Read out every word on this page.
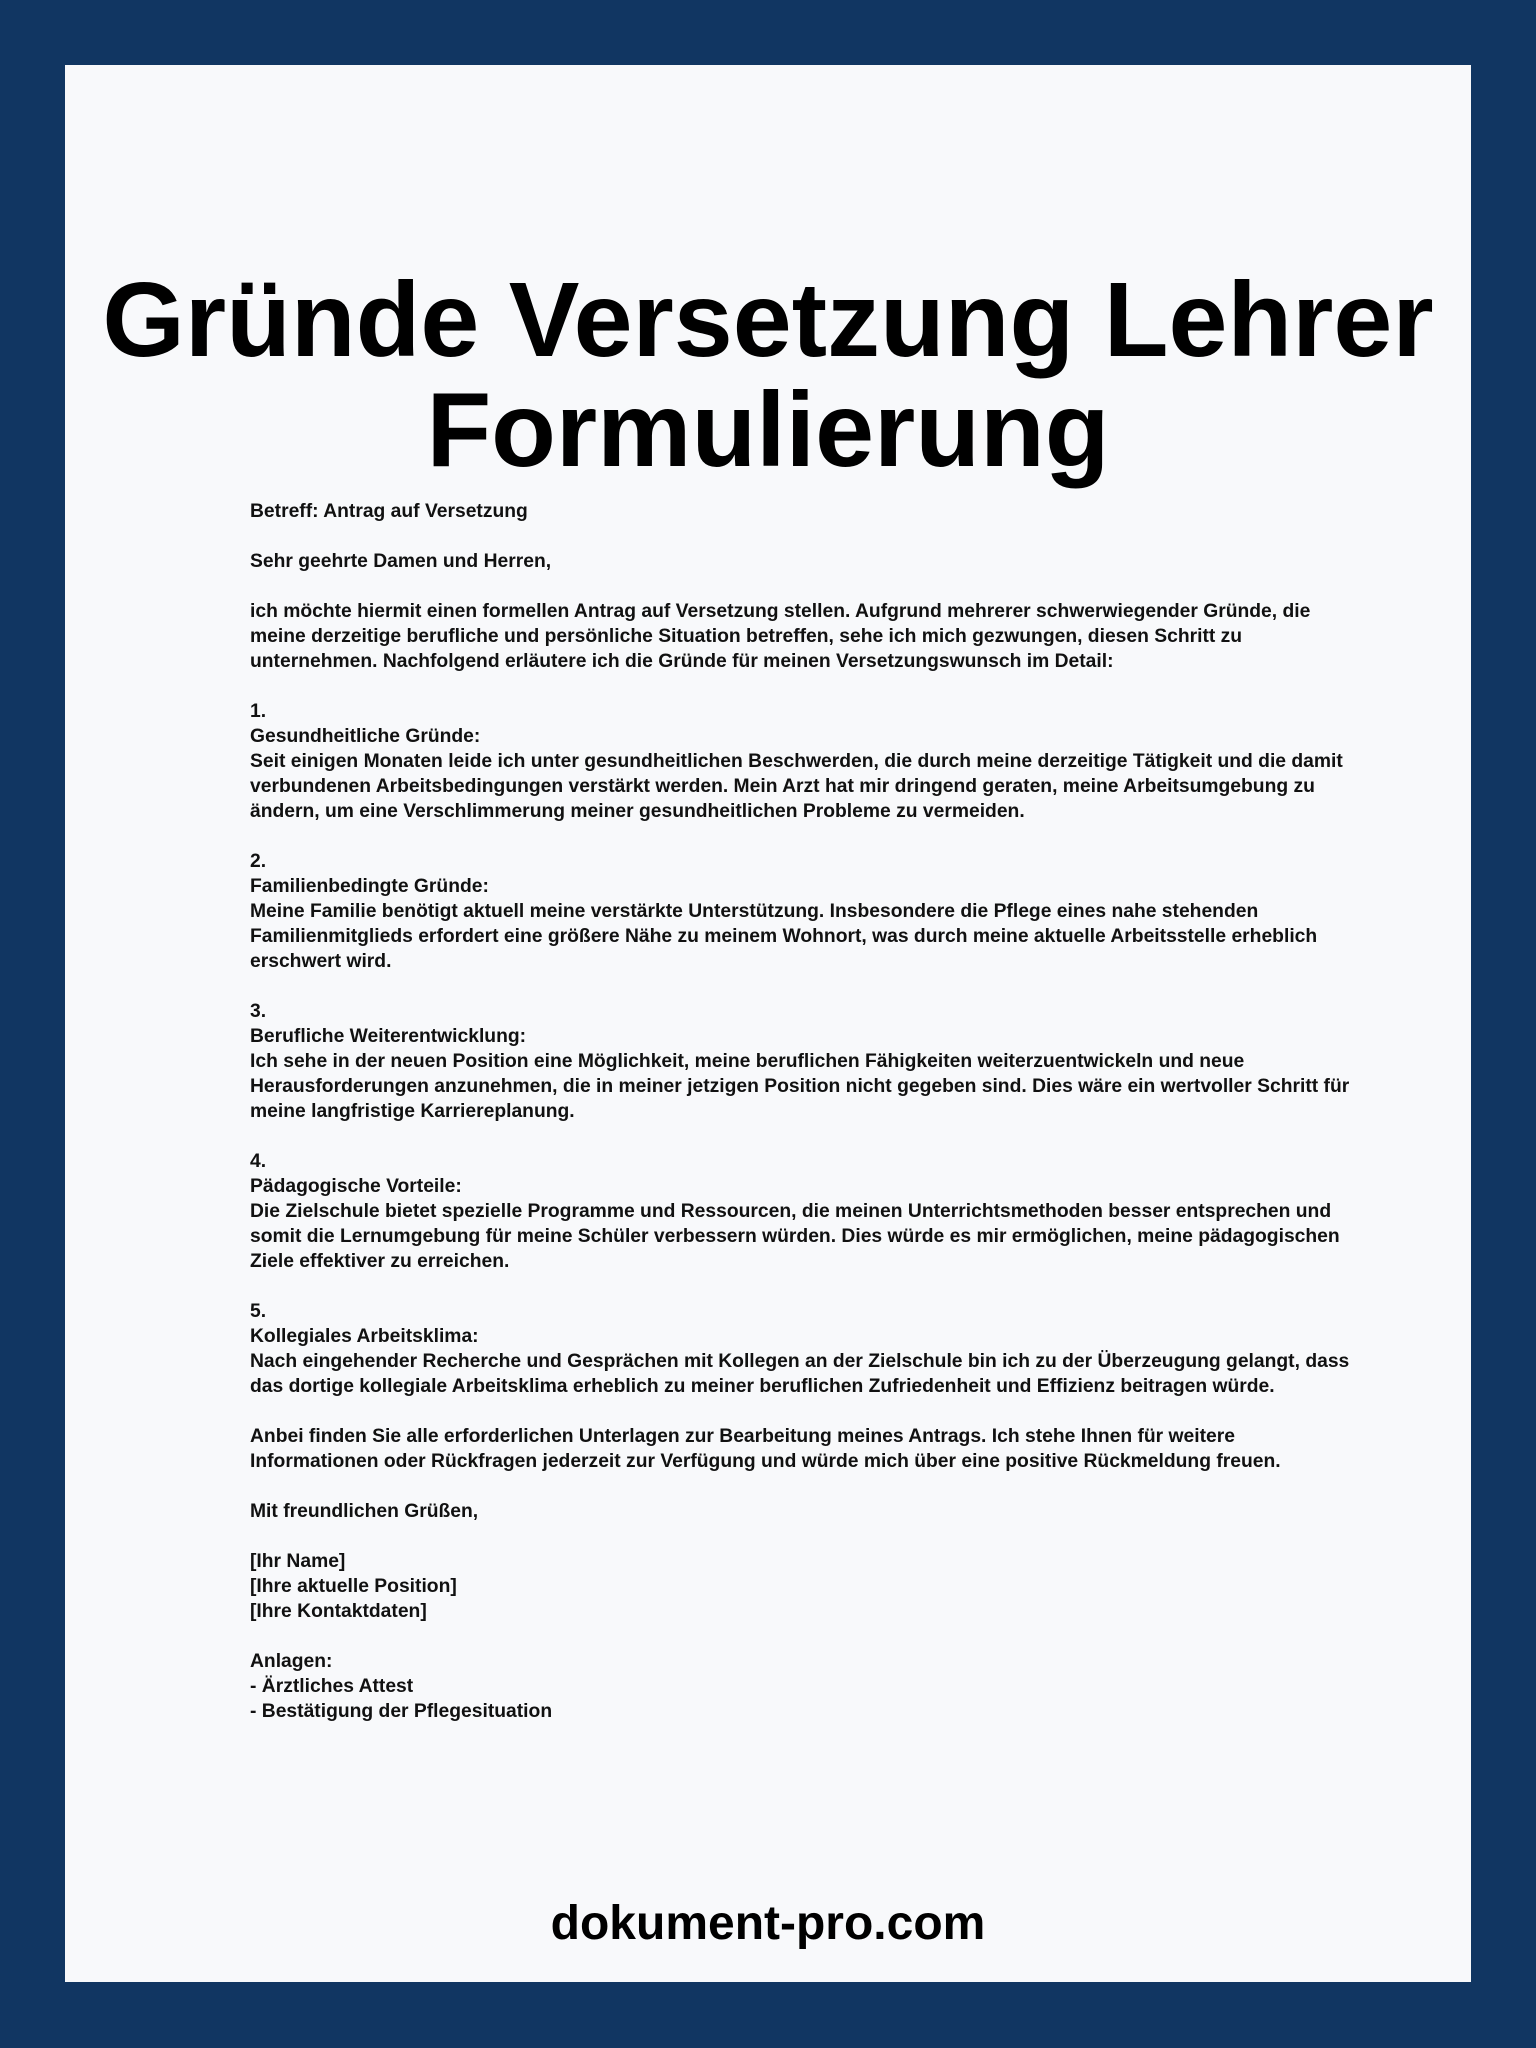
Gründe Versetzung Lehrer
Formulierung

Betreff: Antrag auf Versetzung

Sehr geehrte Damen und Herren,

ich möchte hiermit einen formellen Antrag auf Versetzung stellen. Aufgrund mehrerer schwerwiegender Gründe, die meine derzeitige berufliche und persönliche Situation betreffen, sehe ich mich gezwungen, diesen Schritt zu unternehmen. Nachfolgend erläutere ich die Gründe für meinen Versetzungswunsch im Detail:

1.
Gesundheitliche Gründe:
Seit einigen Monaten leide ich unter gesundheitlichen Beschwerden, die durch meine derzeitige Tätigkeit und die damit verbundenen Arbeitsbedingungen verstärkt werden. Mein Arzt hat mir dringend geraten, meine Arbeitsumgebung zu ändern, um eine Verschlimmerung meiner gesundheitlichen Probleme zu vermeiden.
2.
Familienbedingte Gründe:
Meine Familie benötigt aktuell meine verstärkte Unterstützung. Insbesondere die Pflege eines nahe stehenden Familienmitglieds erfordert eine größere Nähe zu meinem Wohnort, was durch meine aktuelle Arbeitsstelle erheblich erschwert wird.
3.
Berufliche Weiterentwicklung:
Ich sehe in der neuen Position eine Möglichkeit, meine beruflichen Fähigkeiten weiterzuentwickeln und neue Herausforderungen anzunehmen, die in meiner jetzigen Position nicht gegeben sind. Dies wäre ein wertvoller Schritt für meine langfristige Karriereplanung.
4.
Pädagogische Vorteile:
Die Zielschule bietet spezielle Programme und Ressourcen, die meinen Unterrichtsmethoden besser entsprechen und somit die Lernumgebung für meine Schüler verbessern würden. Dies würde es mir ermöglichen, meine pädagogischen Ziele effektiver zu erreichen.
5.
Kollegiales Arbeitsklima:
Nach eingehender Recherche und Gesprächen mit Kollegen an der Zielschule bin ich zu der Überzeugung gelangt, dass das dortige kollegiale Arbeitsklima erheblich zu meiner beruflichen Zufriedenheit und Effizienz beitragen würde.

Anbei finden Sie alle erforderlichen Unterlagen zur Bearbeitung meines Antrags. Ich stehe Ihnen für weitere Informationen oder Rückfragen jederzeit zur Verfügung und würde mich über eine positive Rückmeldung freuen.

Mit freundlichen Grüßen,

[Ihr Name]
[Ihre aktuelle Position]
[Ihre Kontaktdaten]
Anlagen:
- Ärztliches Attest
- Bestätigung der Pflegesituation
dokument-pro.com
